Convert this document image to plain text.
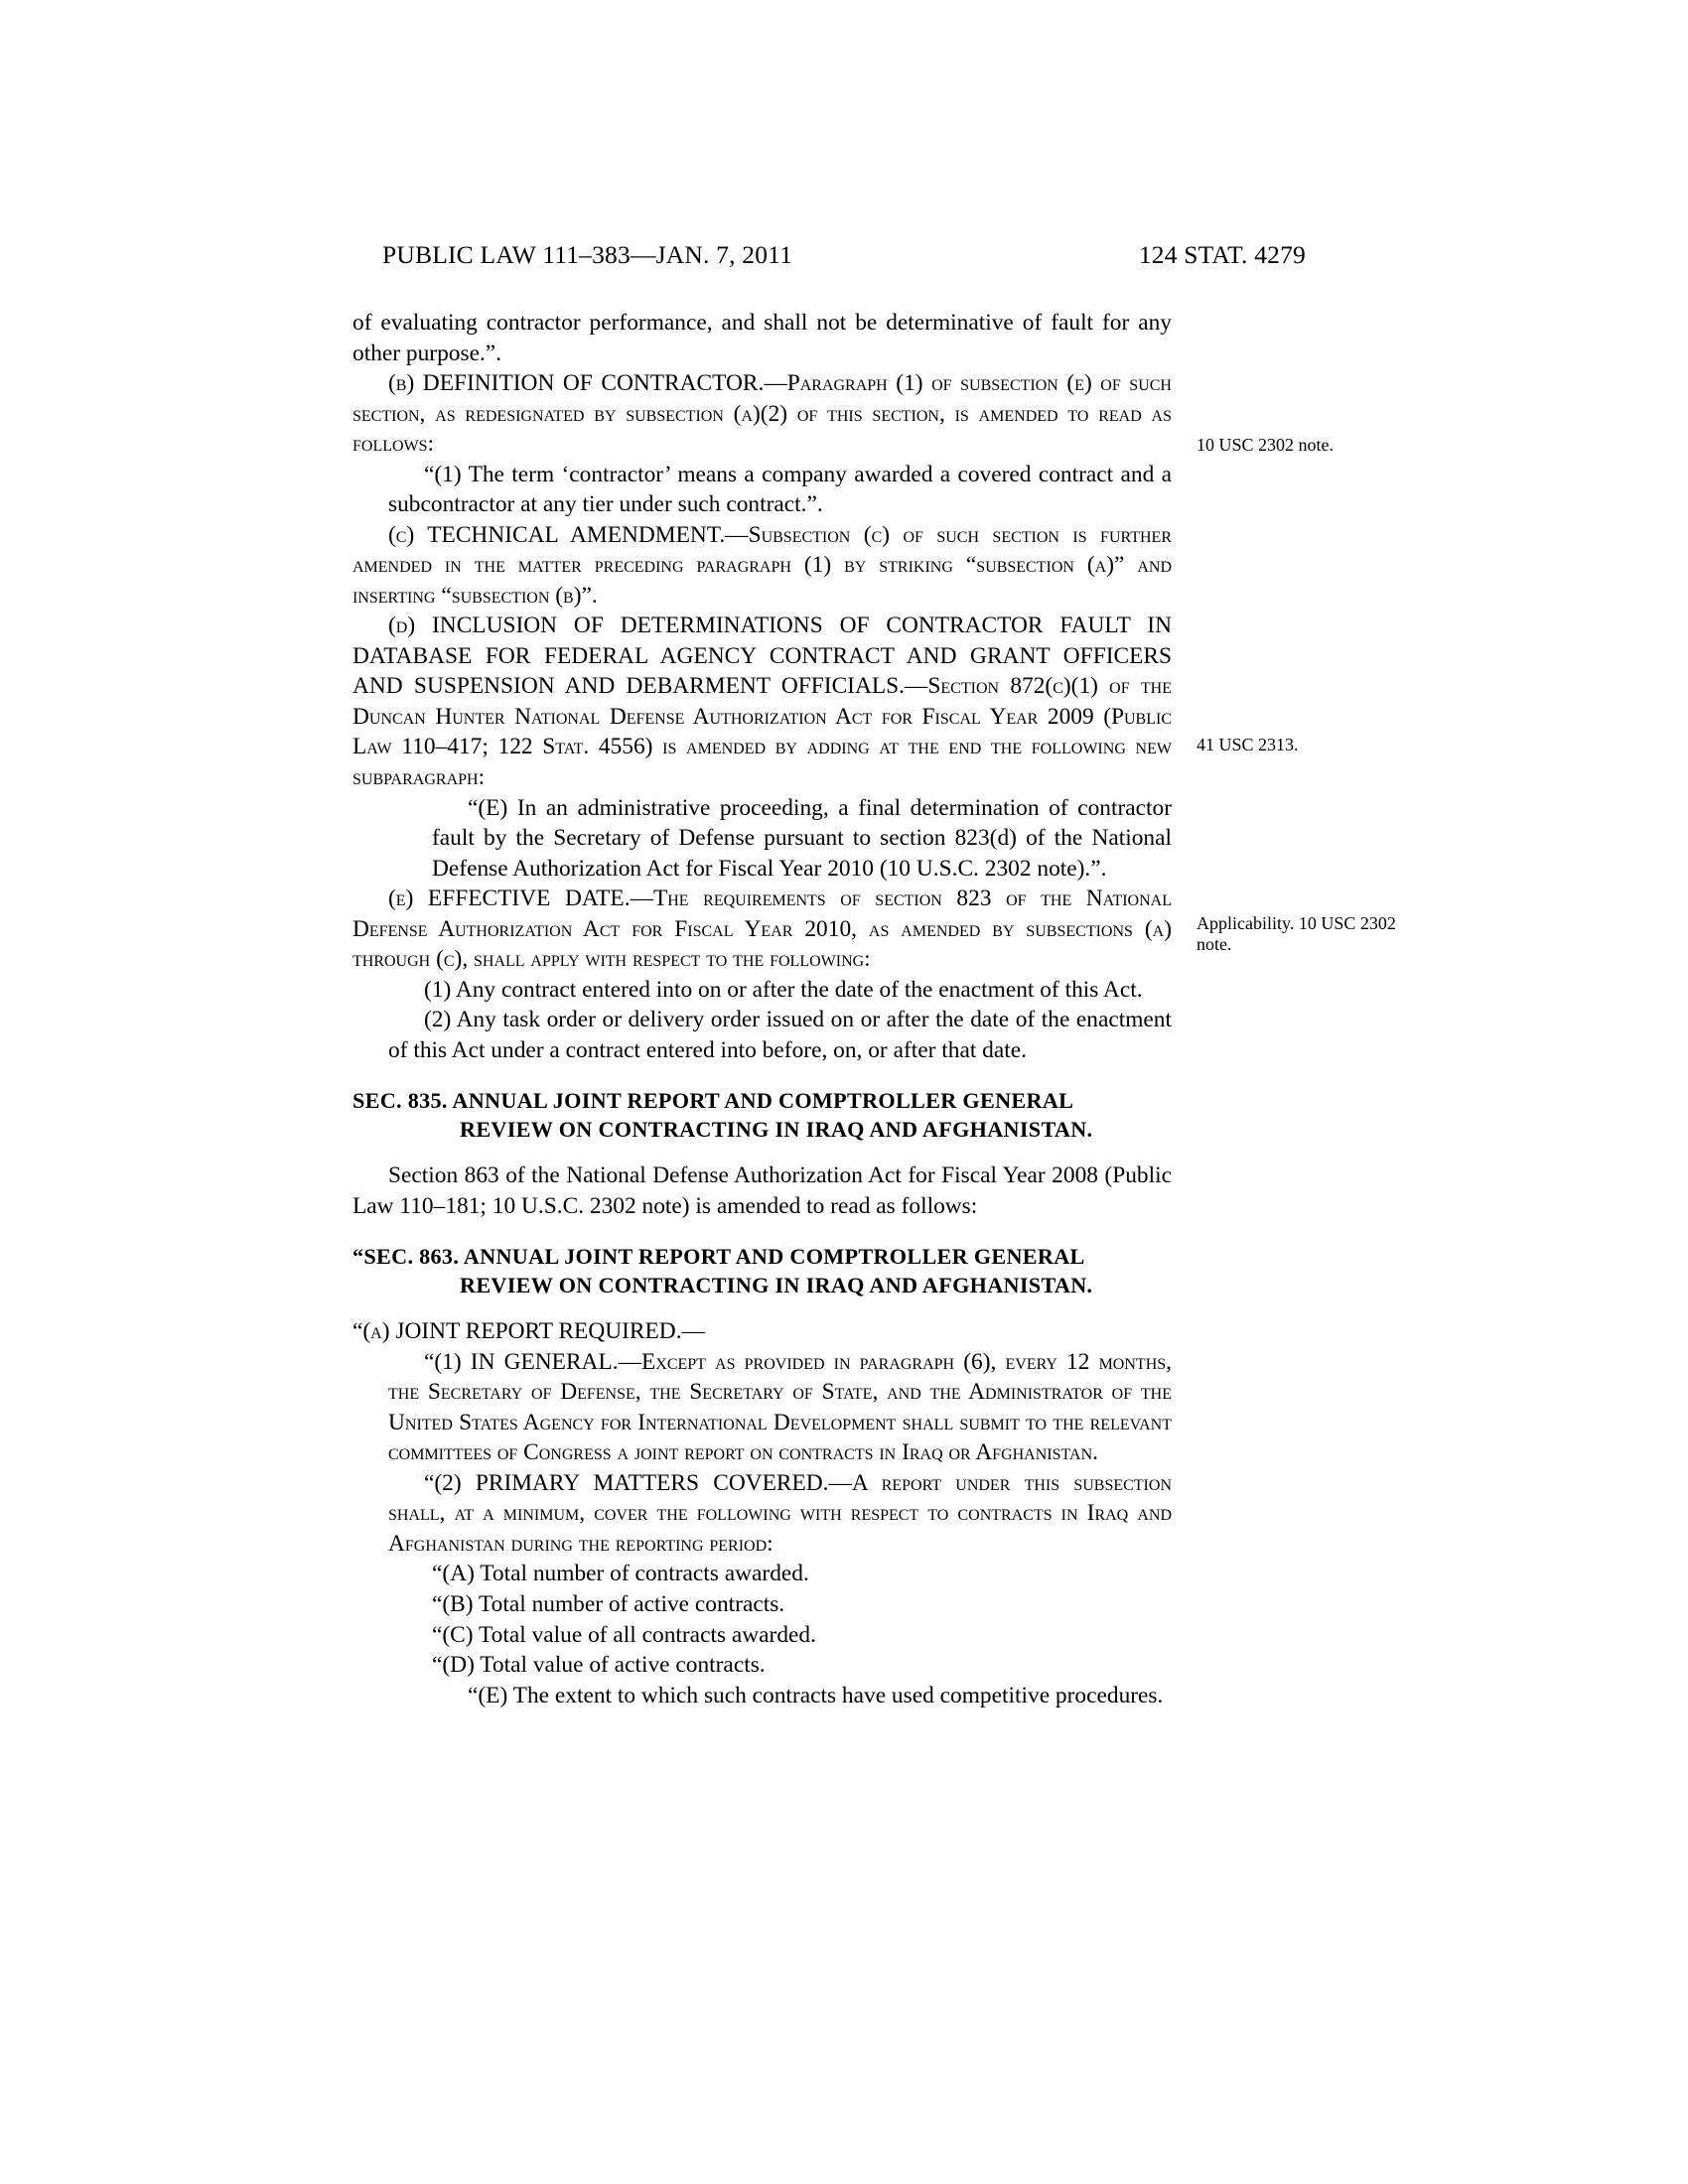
PUBLIC LAW 111–383—JAN. 7, 2011	124 STAT. 4279

of evaluating contractor performance, and shall not be determinative of fault for any other purpose.”.

(b) DEFINITION OF CONTRACTOR.—Paragraph (1) of subsection (e) of such section, as redesignated by subsection (a)(2) of this section, is amended to read as follows:

“(1) The term ‘contractor’ means a company awarded a covered contract and a subcontractor at any tier under such contract.”.

(c) TECHNICAL AMENDMENT.—Subsection (c) of such section is further amended in the matter preceding paragraph (1) by striking “subsection (a)” and inserting “subsection (b)”.

(d) INCLUSION OF DETERMINATIONS OF CONTRACTOR FAULT IN DATABASE FOR FEDERAL AGENCY CONTRACT AND GRANT OFFICERS AND SUSPENSION AND DEBARMENT OFFICIALS.—Section 872(c)(1) of the Duncan Hunter National Defense Authorization Act for Fiscal Year 2009 (Public Law 110–417; 122 Stat. 4556) is amended by adding at the end the following new subparagraph:

“(E) In an administrative proceeding, a final determination of contractor fault by the Secretary of Defense pursuant to section 823(d) of the National Defense Authorization Act for Fiscal Year 2010 (10 U.S.C. 2302 note).”.

(e) EFFECTIVE DATE.—The requirements of section 823 of the National Defense Authorization Act for Fiscal Year 2010, as amended by subsections (a) through (c), shall apply with respect to the following:

(1) Any contract entered into on or after the date of the enactment of this Act.

(2) Any task order or delivery order issued on or after the date of the enactment of this Act under a contract entered into before, on, or after that date.

SEC. 835. ANNUAL JOINT REPORT AND COMPTROLLER GENERAL
REVIEW ON CONTRACTING IN IRAQ AND AFGHANISTAN.

Section 863 of the National Defense Authorization Act for Fiscal Year 2008 (Public Law 110–181; 10 U.S.C. 2302 note) is amended to read as follows:

“SEC. 863. ANNUAL JOINT REPORT AND COMPTROLLER GENERAL
REVIEW ON CONTRACTING IN IRAQ AND AFGHANISTAN.

“(a) JOINT REPORT REQUIRED.—

“(1) IN GENERAL.—Except as provided in paragraph (6), every 12 months, the Secretary of Defense, the Secretary of State, and the Administrator of the United States Agency for International Development shall submit to the relevant committees of Congress a joint report on contracts in Iraq or Afghanistan.

“(2) PRIMARY MATTERS COVERED.—A report under this subsection shall, at a minimum, cover the following with respect to contracts in Iraq and Afghanistan during the reporting period:

“(A) Total number of contracts awarded.

“(B) Total number of active contracts.

“(C) Total value of all contracts awarded.

“(D) Total value of active contracts.

“(E) The extent to which such contracts have used competitive procedures.

10 USC 2302 note.
41 USC 2313.
Applicability. 10 USC 2302 note.
